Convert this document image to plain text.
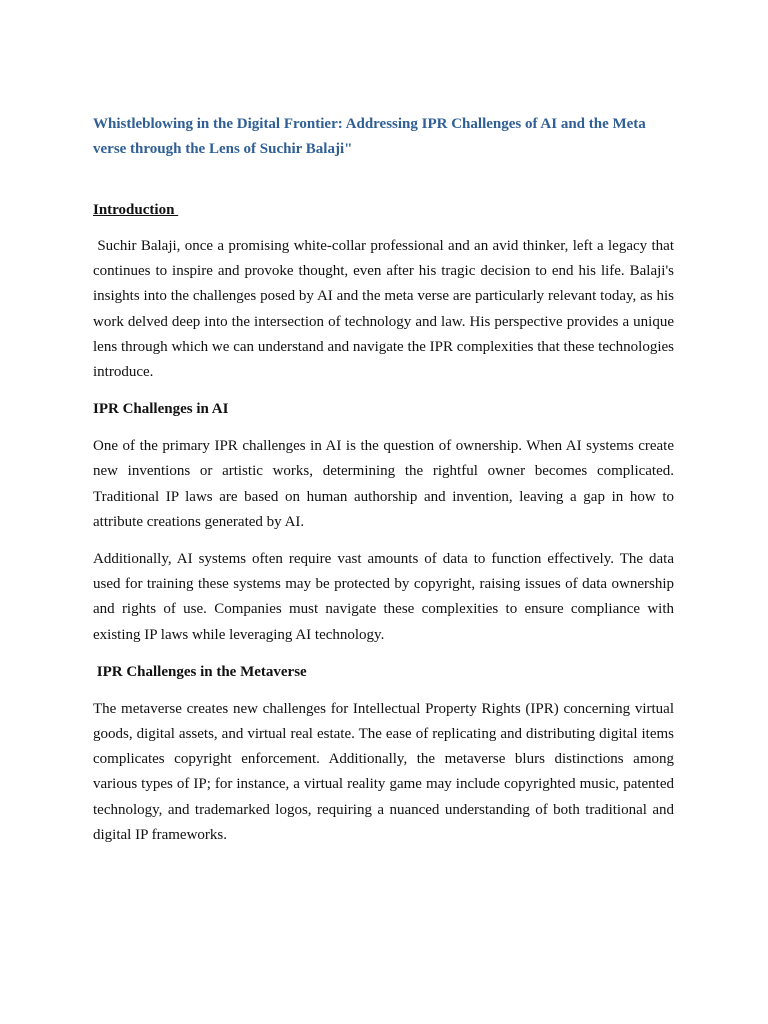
Whistleblowing in the Digital Frontier: Addressing IPR Challenges of AI and the Meta verse through the Lens of Suchir Balaji"
Introduction

Suchir Balaji, once a promising white-collar professional and an avid thinker, left a legacy that continues to inspire and provoke thought, even after his tragic decision to end his life. Balaji's insights into the challenges posed by AI and the meta verse are particularly relevant today, as his work delved deep into the intersection of technology and law. His perspective provides a unique lens through which we can understand and navigate the IPR complexities that these technologies introduce.

IPR Challenges in AI

One of the primary IPR challenges in AI is the question of ownership. When AI systems create new inventions or artistic works, determining the rightful owner becomes complicated. Traditional IP laws are based on human authorship and invention, leaving a gap in how to attribute creations generated by AI.

Additionally, AI systems often require vast amounts of data to function effectively. The data used for training these systems may be protected by copyright, raising issues of data ownership and rights of use. Companies must navigate these complexities to ensure compliance with existing IP laws while leveraging AI technology.

IPR Challenges in the Metaverse

The metaverse creates new challenges for Intellectual Property Rights (IPR) concerning virtual goods, digital assets, and virtual real estate. The ease of replicating and distributing digital items complicates copyright enforcement. Additionally, the metaverse blurs distinctions among various types of IP; for instance, a virtual reality game may include copyrighted music, patented technology, and trademarked logos, requiring a nuanced understanding of both traditional and digital IP frameworks.
